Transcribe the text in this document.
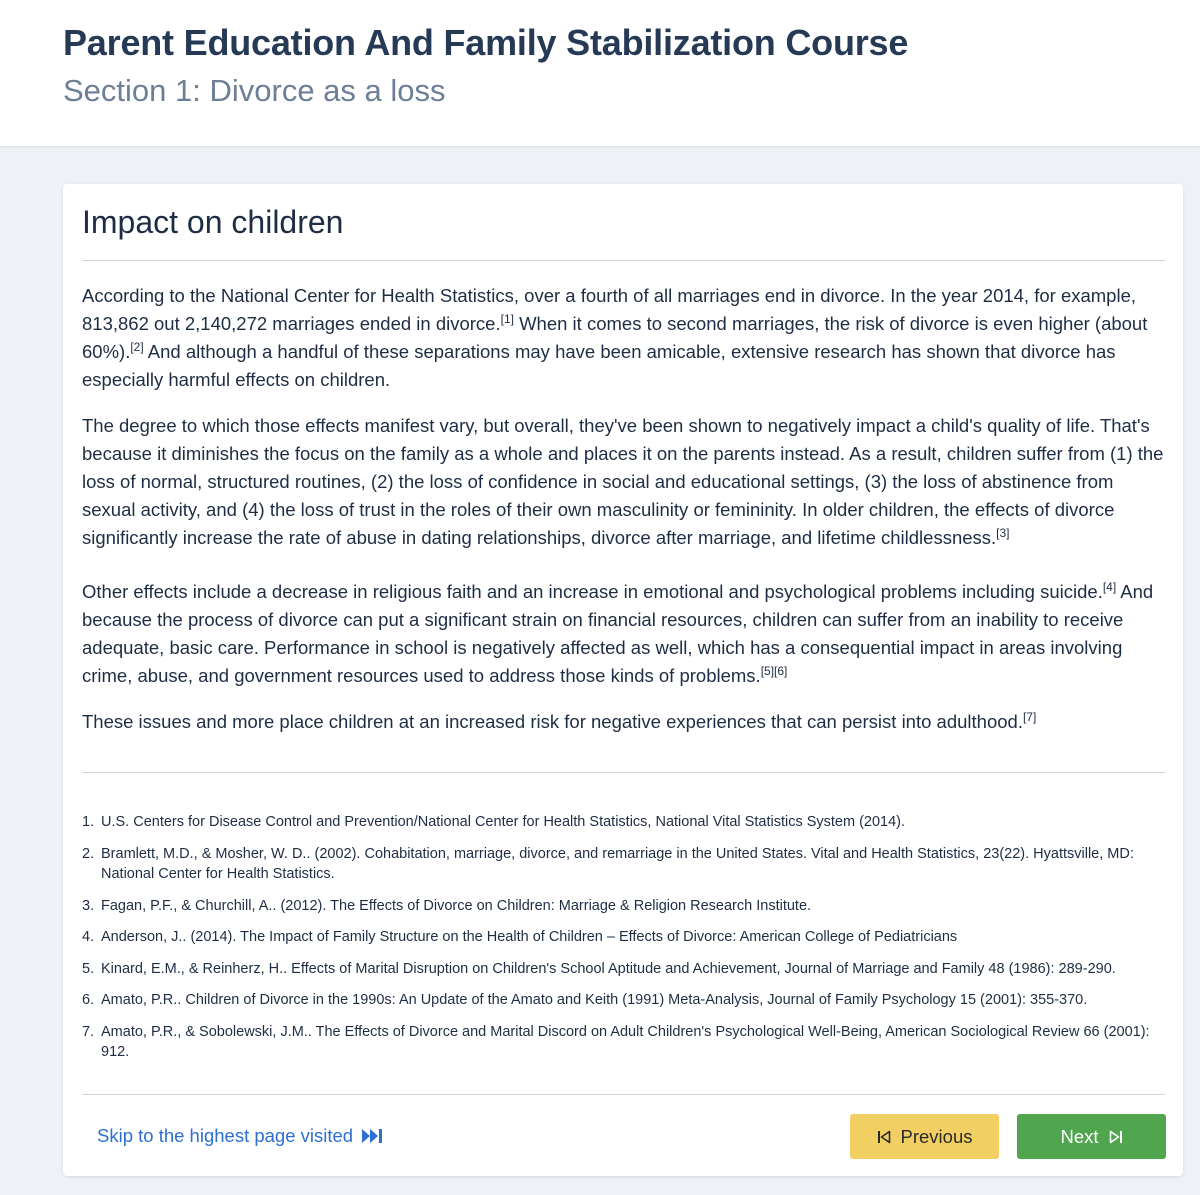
Parent Education And Family Stabilization Course
Section 1: Divorce as a loss
Impact on children

According to the National Center for Health Statistics, over a fourth of all marriages end in divorce. In the year 2014, for example, 813,862 out 2,140,272 marriages ended in divorce.[1] When it comes to second marriages, the risk of divorce is even higher (about 60%).[2] And although a handful of these separations may have been amicable, extensive research has shown that divorce has especially harmful effects on children.

The degree to which those effects manifest vary, but overall, they've been shown to negatively impact a child's quality of life. That's because it diminishes the focus on the family as a whole and places it on the parents instead. As a result, children suffer from (1) the loss of normal, structured routines, (2) the loss of confidence in social and educational settings, (3) the loss of abstinence from sexual activity, and (4) the loss of trust in the roles of their own masculinity or femininity. In older children, the effects of divorce significantly increase the rate of abuse in dating relationships, divorce after marriage, and lifetime childlessness.[3]

Other effects include a decrease in religious faith and an increase in emotional and psychological problems including suicide.[4] And because the process of divorce can put a significant strain on financial resources, children can suffer from an inability to receive adequate, basic care. Performance in school is negatively affected as well, which has a consequential impact in areas involving crime, abuse, and government resources used to address those kinds of problems.[5][6]

These issues and more place children at an increased risk for negative experiences that can persist into adulthood.[7]

U.S. Centers for Disease Control and Prevention/National Center for Health Statistics, National Vital Statistics System (2014).
Bramlett, M.D., & Mosher, W. D.. (2002). Cohabitation, marriage, divorce, and remarriage in the United States. Vital and Health Statistics, 23(22). Hyattsville, MD: National Center for Health Statistics.
Fagan, P.F., & Churchill, A.. (2012). The Effects of Divorce on Children: Marriage & Religion Research Institute.
Anderson, J.. (2014). The Impact of Family Structure on the Health of Children – Effects of Divorce: American College of Pediatricians
Kinard, E.M., & Reinherz, H.. Effects of Marital Disruption on Children's School Aptitude and Achievement, Journal of Marriage and Family 48 (1986): 289-290.
Amato, P.R.. Children of Divorce in the 1990s: An Update of the Amato and Keith (1991) Meta-Analysis, Journal of Family Psychology 15 (2001): 355-370.
Amato, P.R., & Sobolewski, J.M.. The Effects of Divorce and Marital Discord on Adult Children's Psychological Well-Being, American Sociological Review 66 (2001): 912.
Skip to the highest page visited	Previous	Next
